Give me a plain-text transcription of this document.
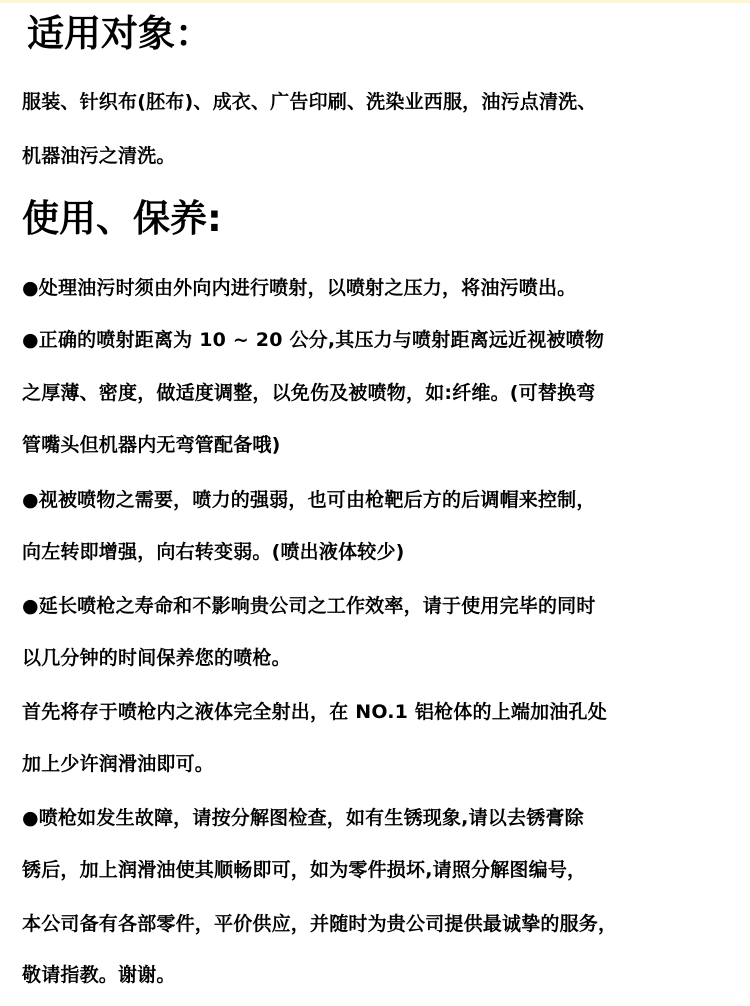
适用对象：
服装、针织布(胚布)、成衣、广告印刷、洗染业西服，油污点清洗、
机器油污之清洗。
使用、保养:
●处理油污时须由外向内进行喷射，以喷射之压力，将油污喷出。
●正确的喷射距离为 10 ~ 20 公分,其压力与喷射距离远近视被喷物
之厚薄、密度，做适度调整，以免伤及被喷物，如:纤维。(可替换弯
管嘴头但机器内无弯管配备哦)
●视被喷物之需要，喷力的强弱，也可由枪靶后方的后调帽来控制，
向左转即增强，向右转变弱。(喷出液体较少)
●延长喷枪之寿命和不影响贵公司之工作效率，请于使用完毕的同时
以几分钟的时间保养您的喷枪。
首先将存于喷枪内之液体完全射出，在 NO.1 铝枪体的上端加油孔处
加上少许润滑油即可。
●喷枪如发生故障，请按分解图检查，如有生锈现象,请以去锈膏除
锈后，加上润滑油使其顺畅即可，如为零件损坏,请照分解图编号，
本公司备有各部零件，平价供应，并随时为贵公司提供最诚挚的服务，
敬请指教。谢谢。
